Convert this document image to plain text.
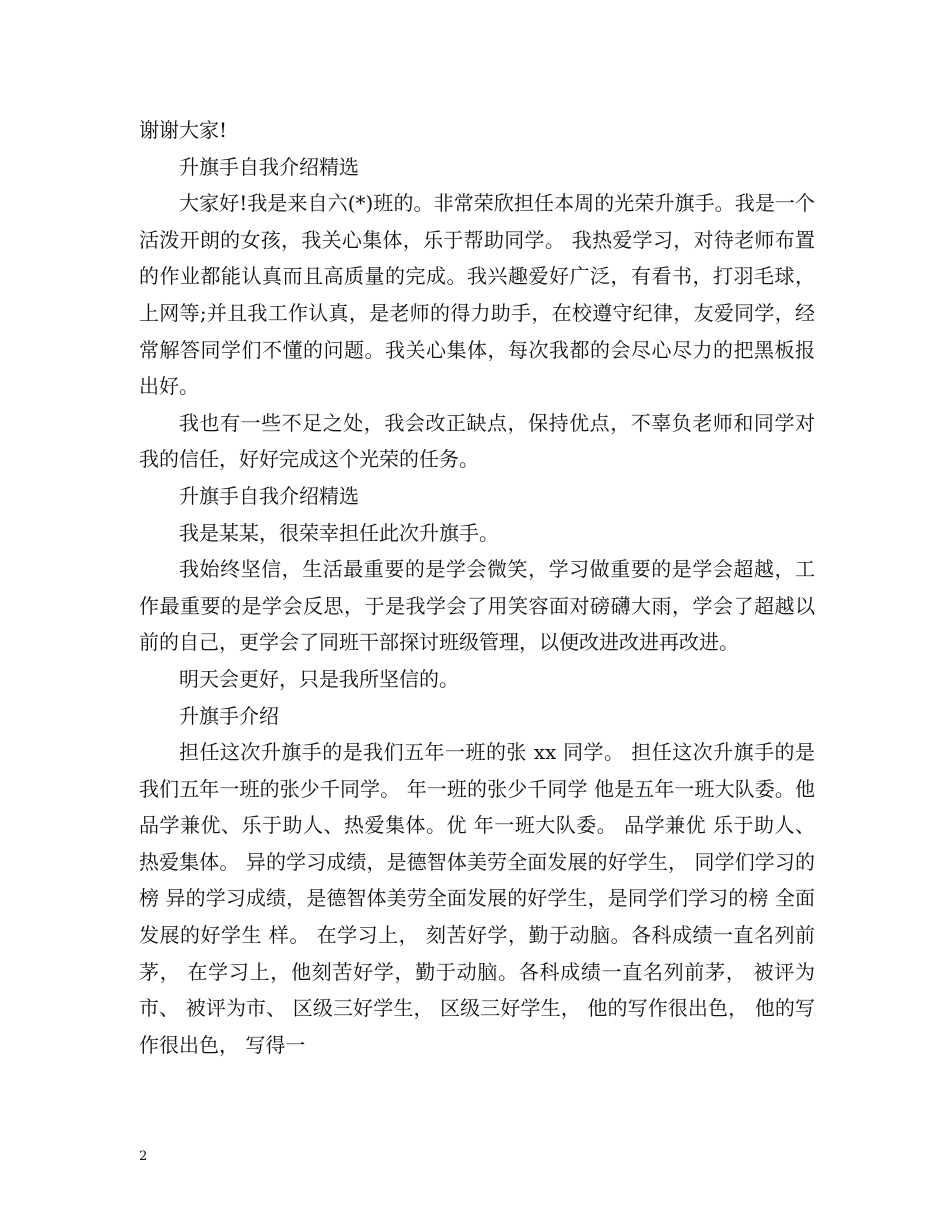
谢谢大家!

升旗手自我介绍精选

大家好!我是来自六(*)班的。非常荣欣担任本周的光荣升旗手。我是一个活泼开朗的女孩，我关心集体，乐于帮助同学。 我热爱学习，对待老师布置的作业都能认真而且高质量的完成。我兴趣爱好广泛，有看书，打羽毛球，上网等;并且我工作认真，是老师的得力助手，在校遵守纪律，友爱同学，经常解答同学们不懂的问题。我关心集体，每次我都的会尽心尽力的把黑板报出好。

我也有一些不足之处，我会改正缺点，保持优点，不辜负老师和同学对我的信任，好好完成这个光荣的任务。

升旗手自我介绍精选

我是某某，很荣幸担任此次升旗手。

我始终坚信，生活最重要的是学会微笑，学习做重要的是学会超越，工作最重要的是学会反思，于是我学会了用笑容面对磅礴大雨，学会了超越以前的自己，更学会了同班干部探讨班级管理，以便改进改进再改进。

明天会更好，只是我所坚信的。

升旗手介绍

担任这次升旗手的是我们五年一班的张 xx 同学。 担任这次升旗手的是我们五年一班的张少千同学。 年一班的张少千同学 他是五年一班大队委。他品学兼优、乐于助人、热爱集体。优 年一班大队委。 品学兼优 乐于助人、热爱集体。 异的学习成绩，是德智体美劳全面发展的好学生， 同学们学习的榜 异的学习成绩，是德智体美劳全面发展的好学生，是同学们学习的榜 全面发展的好学生 样。 在学习上， 刻苦好学，勤于动脑。各科成绩一直名列前茅， 在学习上，他刻苦好学，勤于动脑。各科成绩一直名列前茅， 被评为市、 被评为市、 区级三好学生， 区级三好学生， 他的写作很出色， 他的写作很出色， 写得一

2
